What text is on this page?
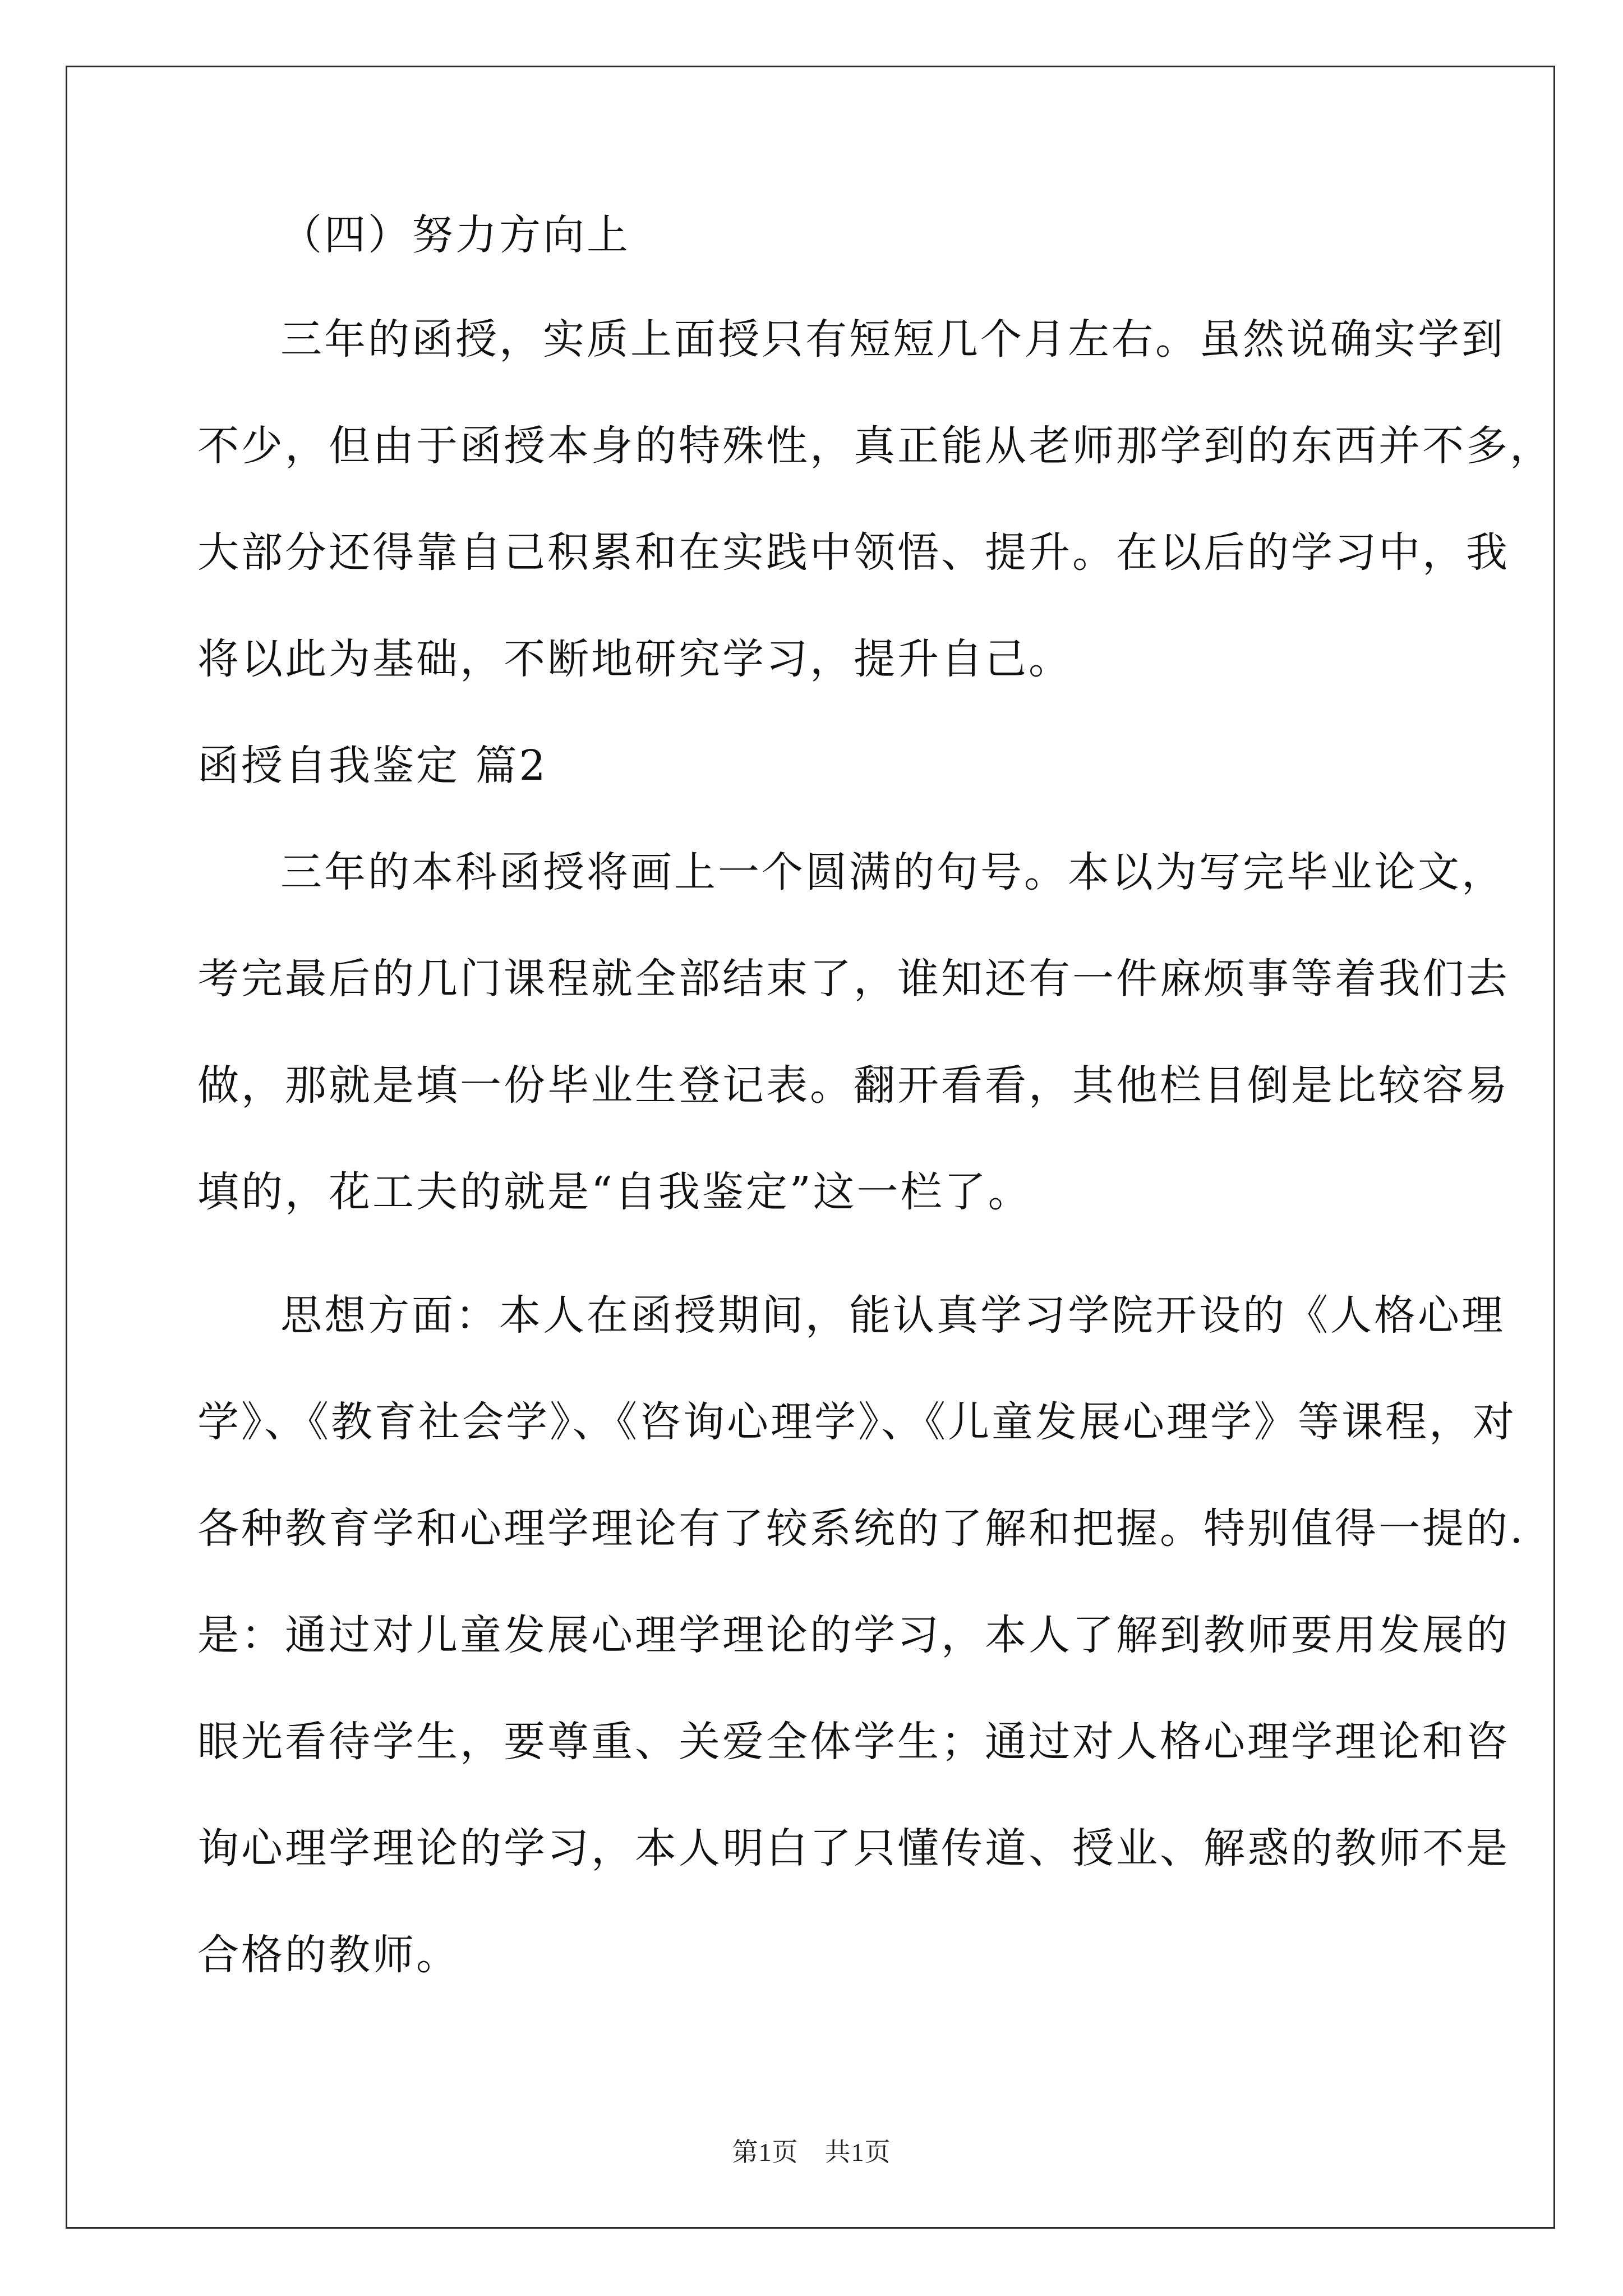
（四）努力方向上
三年的函授，实质上面授只有短短几个月左右。虽然说确实学到
不少，但由于函授本身的特殊性，真正能从老师那学到的东西并不多，
大部分还得靠自己积累和在实践中领悟、提升。在以后的学习中，我
将以此为基础，不断地研究学习，提升自己。
函授自我鉴定 篇2
三年的本科函授将画上一个圆满的句号。本以为写完毕业论文，
考完最后的几门课程就全部结束了，谁知还有一件麻烦事等着我们去
做，那就是填一份毕业生登记表。翻开看看，其他栏目倒是比较容易
填的，花工夫的就是“自我鉴定”这一栏了。
思想方面：本人在函授期间，能认真学习学院开设的《人格心理
学》、《教育社会学》、《咨询心理学》、《儿童发展心理学》等课程，对
各种教育学和心理学理论有了较系统的了解和把握。特别值得一提的.
是：通过对儿童发展心理学理论的学习，本人了解到教师要用发展的
眼光看待学生，要尊重、关爱全体学生；通过对人格心理学理论和咨
询心理学理论的学习，本人明白了只懂传道、授业、解惑的教师不是
合格的教师。
第1页　共1页
